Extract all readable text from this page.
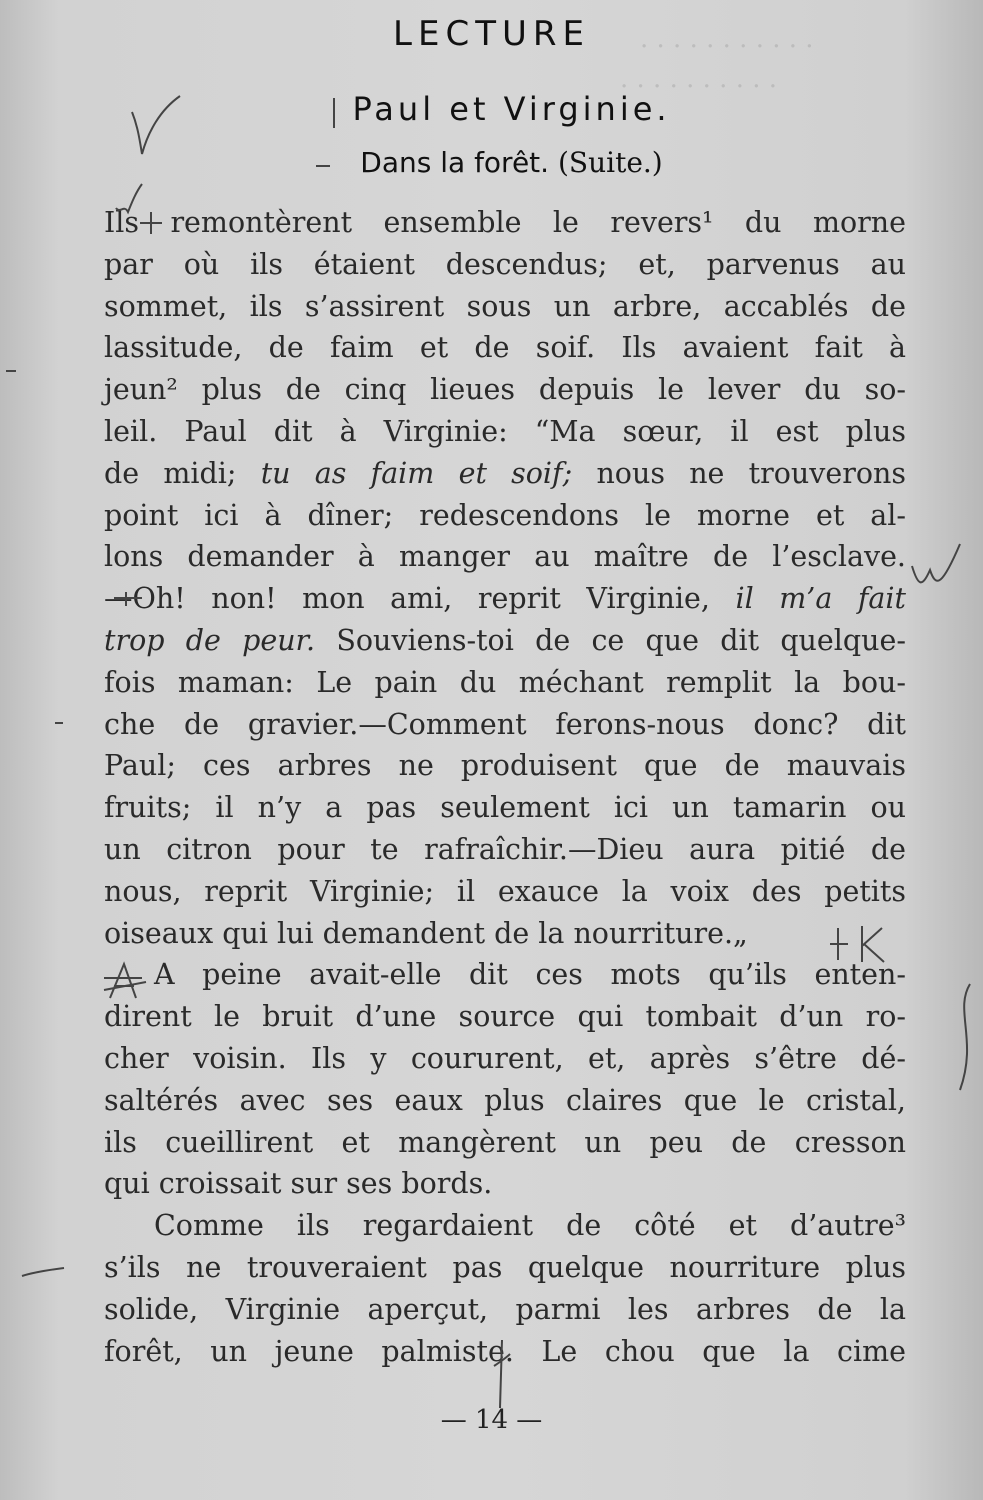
· · · · · · · · · · ·
· · · · · · · · · ·
LECTURE
Paul et Virginie.
Dans la forêt. (Suite.)
Ils remontèrent ensemble le revers¹ du morne
par où ils étaient descendus; et, parvenus au
sommet, ils s’assirent sous un arbre, accablés de
lassitude, de faim et de soif. Ils avaient fait à
jeun² plus de cinq lieues depuis le lever du so-
leil. Paul dit à Virginie: “Ma sœur, il est plus
de midi; tu as faim et soif; nous ne trouverons
point ici à dîner; redescendons le morne et al-
lons demander à manger au maître de l’esclave.
—Oh! non! mon ami, reprit Virginie, il m’a fait
trop de peur. Souviens-toi de ce que dit quelque-
fois maman: Le pain du méchant remplit la bou-
che de gravier.—Comment ferons-nous donc? dit
Paul; ces arbres ne produisent que de mauvais
fruits; il n’y a pas seulement ici un tamarin ou
un citron pour te rafraîchir.—Dieu aura pitié de
nous, reprit Virginie; il exauce la voix des petits
oiseaux qui lui demandent de la nourriture.„
A peine avait-elle dit ces mots qu’ils enten-
dirent le bruit d’une source qui tombait d’un ro-
cher voisin. Ils y coururent, et, après s’être dé-
saltérés avec ses eaux plus claires que le cristal,
ils cueillirent et mangèrent un peu de cresson
qui croissait sur ses bords.
Comme ils regardaient de côté et d’autre³
s’ils ne trouveraient pas quelque nourriture plus
solide, Virginie aperçut, parmi les arbres de la
forêt, un jeune palmiste. Le chou que la cime
— 14 —
